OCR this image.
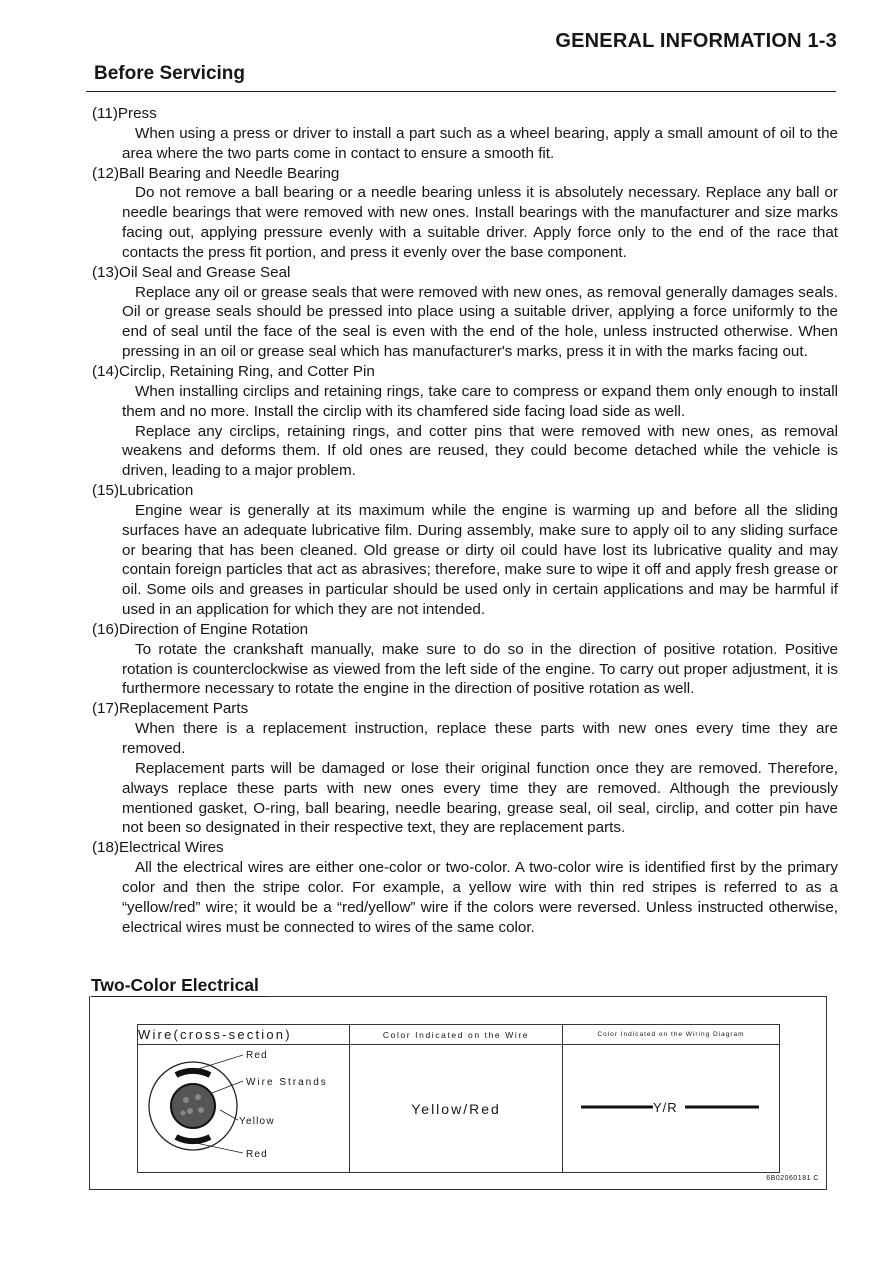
GENERAL INFORMATION 1-3
Before Servicing
(11)Press
When using a press or driver to install a part such as a wheel bearing, apply a small amount of oil to the area where the two parts come in contact to ensure a smooth fit.
(12)Ball Bearing and Needle Bearing
Do not remove a ball bearing or a needle bearing unless it is absolutely necessary. Replace any ball or needle bearings that were removed with new ones. Install bearings with the manufacturer and size marks facing out, applying pressure evenly with a suitable driver. Apply force only to the end of the race that contacts the press fit portion, and press it evenly over the base component.
(13)Oil Seal and Grease Seal
Replace any oil or grease seals that were removed with new ones, as removal generally damages seals. Oil or grease seals should be pressed into place using a suitable driver, applying a force uniformly to the end of seal until the face of the seal is even with the end of the hole, unless instructed otherwise. When pressing in an oil or grease seal which has manufacturer's marks, press it in with the marks facing out.
(14)Circlip, Retaining Ring, and Cotter Pin
When installing circlips and retaining rings, take care to compress or expand them only enough to install them and no more. Install the circlip with its chamfered side facing load side as well.
Replace any circlips, retaining rings, and cotter pins that were removed with new ones, as removal weakens and deforms them. If old ones are reused, they could become detached while the vehicle is driven, leading to a major problem.
(15)Lubrication
Engine wear is generally at its maximum while the engine is warming up and before all the sliding surfaces have an adequate lubricative film. During assembly, make sure to apply oil to any sliding surface or bearing that has been cleaned. Old grease or dirty oil could have lost its lubricative quality and may contain foreign particles that act as abrasives; therefore, make sure to wipe it off and apply fresh grease or oil. Some oils and greases in particular should be used only in certain applications and may be harmful if used in an application for which they are not intended.
(16)Direction of Engine Rotation
To rotate the crankshaft manually, make sure to do so in the direction of positive rotation. Positive rotation is counterclockwise as viewed from the left side of the engine. To carry out proper adjustment, it is furthermore necessary to rotate the engine in the direction of positive rotation as well.
(17)Replacement Parts
When there is a replacement instruction, replace these parts with new ones every time they are removed.
Replacement parts will be damaged or lose their original function once they are removed. Therefore, always replace these parts with new ones every time they are removed. Although the previously mentioned gasket, O-ring, ball bearing, needle bearing, grease seal, oil seal, circlip, and cotter pin have not been so designated in their respective text, they are replacement parts.
(18)Electrical Wires
All the electrical wires are either one-color or two-color. A two-color wire is identified first by the primary color and then the stripe color. For example, a yellow wire with thin red stripes is referred to as a “yellow/red” wire; it would be a “red/yellow” wire if the colors were reversed. Unless instructed otherwise, electrical wires must be connected to wires of the same color.
Two-Color Electrical
Wire(cross-section)	Color Indicated on the Wire	Color Indicated on the Wiring Diagram

Red
Wire Strands
Yellow
Red	Yellow/Red	Y/R
6B02060181 C
